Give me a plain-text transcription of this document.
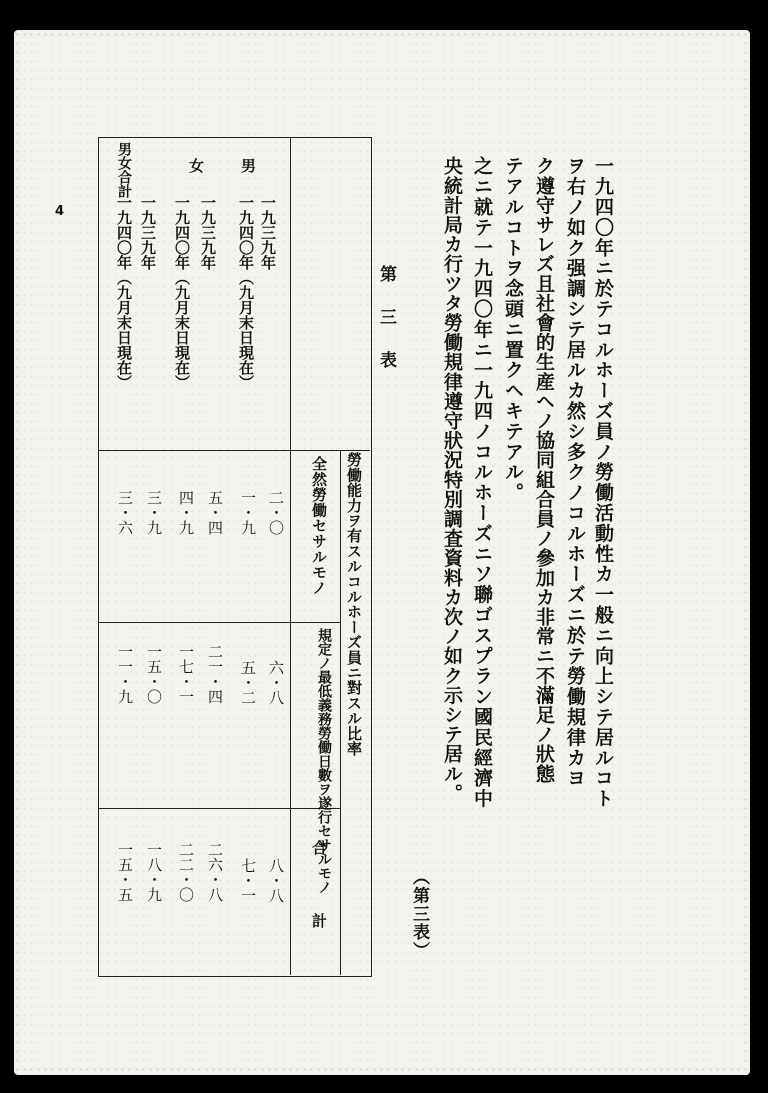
4	一九四〇年ニ於テコルホーズ員ノ勞働活動性カ一般ニ向上シテ居ルコト
ヲ右ノ如ク强調シテ居ルカ然シ多クノコルホーズニ於テ勞働規律カヨ
ク遵守サレズ且社會的生産ヘノ協同組合員ノ參加カ非常ニ不滿足ノ狀態
テアルコトヲ念頭ニ置クヘキテアル。
之ニ就テ一九四〇年ニ一九四ノコルホーズニソ聯ゴスプラン國民經濟中
央統計局カ行ツタ勞働規律遵守狀況特別調査資料カ次ノ如ク示シテ居ル。
（第三表）
第三表
勞働能力ヲ有スルコルホーズ員ニ對スル比率
男
一九三九年
一九四〇年（九月末日現在）
女
一九三九年
一九四〇年（九月末日現在）
男女合計
一九三九年
一九四〇年（九月末日現在）
全然勞働セサルモノ
二・〇
一・九
五・四
四・九
三・九
三・六
規定ノ最低義務勞働日數ヲ遂行セサルモノ
六・八
五・二
二一・四
一七・一
一五・〇
一一・九
合計
八・八
七・一
二六・八
二二・〇
一八・九
一五・五
